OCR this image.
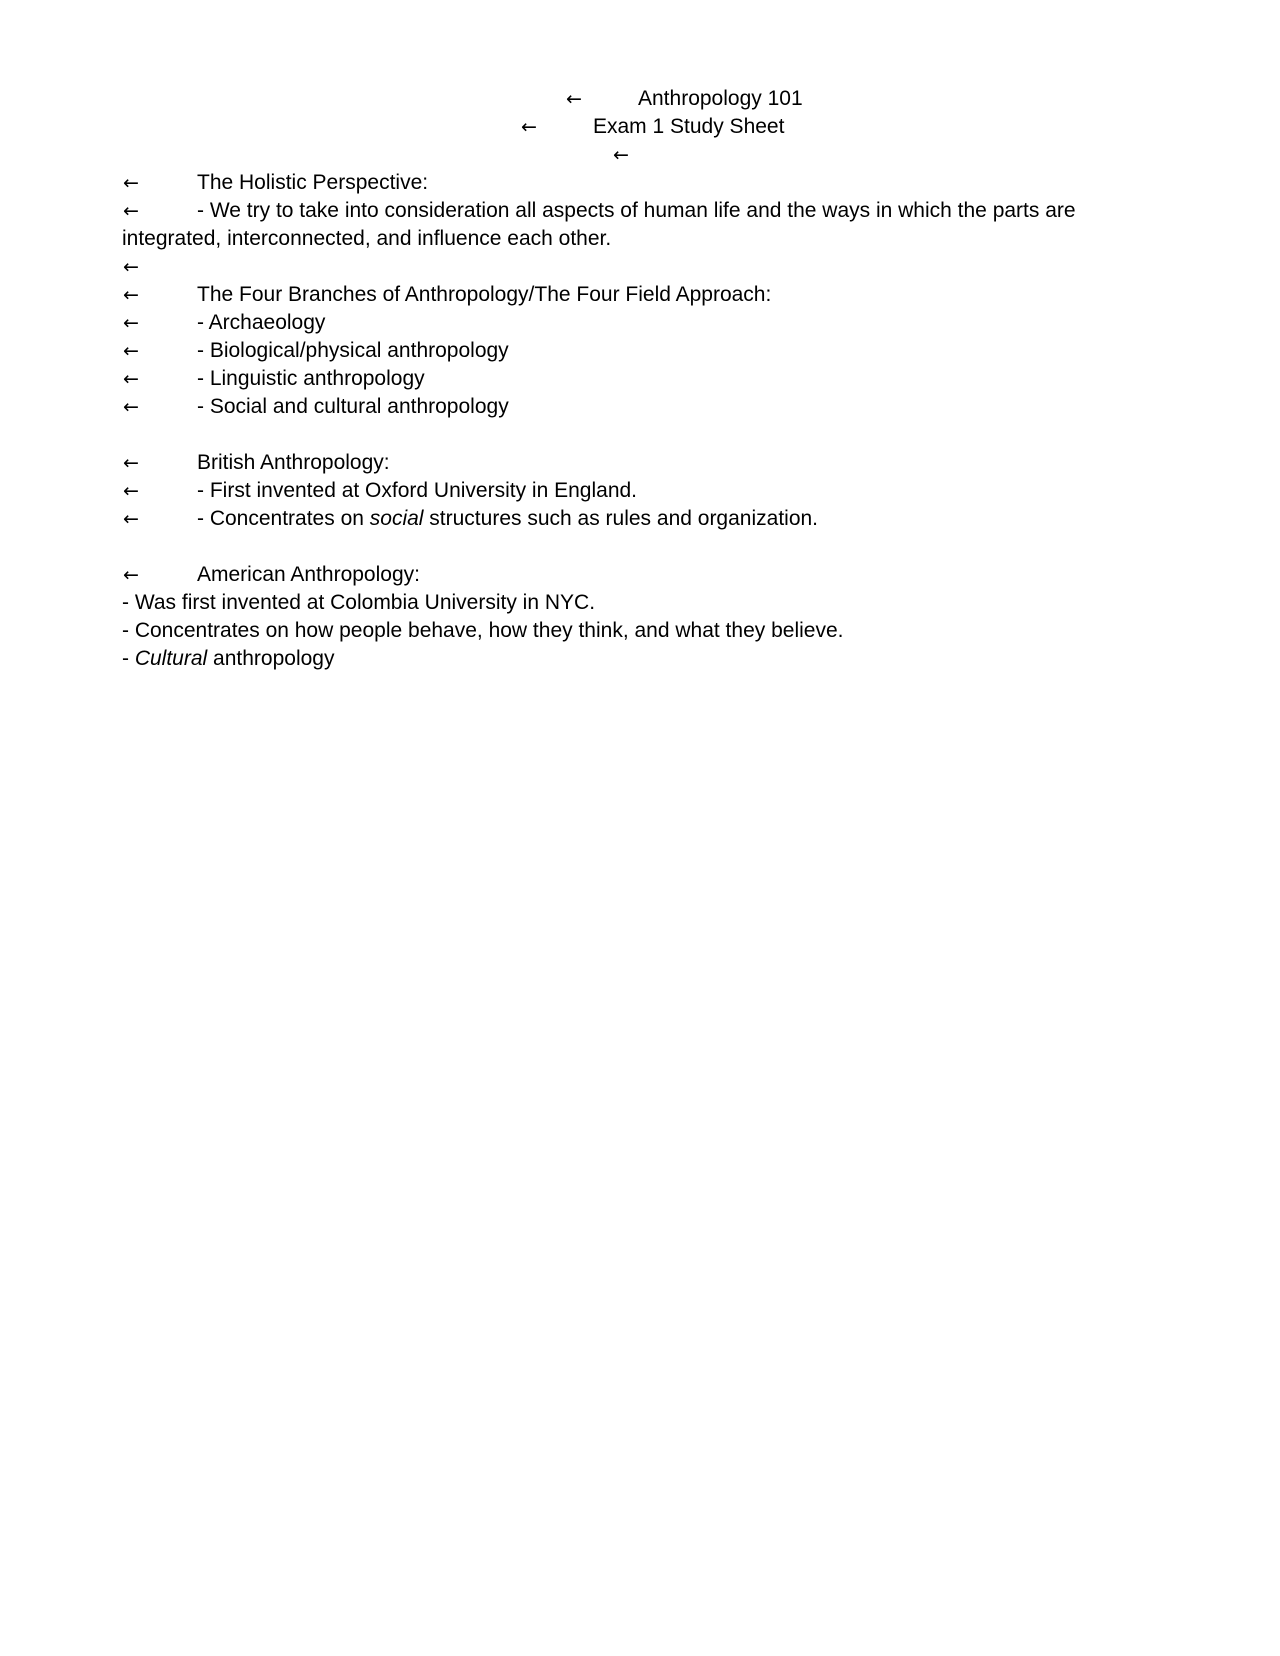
←	Anthropology 101
←	Exam 1 Study Sheet
←
←	The Holistic Perspective:
←	- We try to take into consideration all aspects of human life and the ways in which the parts are
integrated, interconnected, and influence each other.
←
←	The Four Branches of Anthropology/The Four Field Approach:
←	- Archaeology
←	- Biological/physical anthropology
←	- Linguistic anthropology
←	- Social and cultural anthropology
←	British Anthropology:
←	- First invented at Oxford University in England.
←	- Concentrates on social structures such as rules and organization.
←	American Anthropology:
- Was first invented at Colombia University in NYC.
- Concentrates on how people behave, how they think, and what they believe.
- Cultural anthropology
